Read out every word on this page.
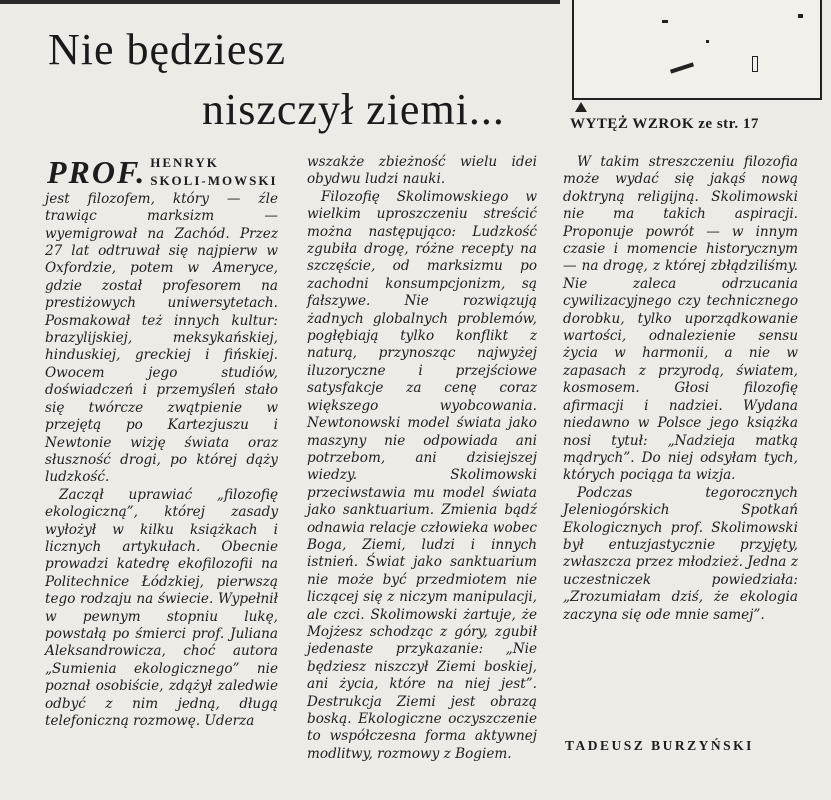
Nie będziesz
niszczył ziemi...	WYTĘŻ WZROK ze str. 17

PROF. HENRYK SKOLI-MOWSKI jest filozofem, który — źle trawiąc marksizm — wyemigrował na Zachód. Przez 27 lat odtruwał się najpierw w Oxfordzie, potem w Ameryce, gdzie został profesorem na prestiżowych uniwersytetach. Posmakował też innych kultur: brazylijskiej, meksykańskiej, hinduskiej, greckiej i fińskiej. Owocem jego studiów, doświadczeń i przemyśleń stało się twórcze zwątpienie w przejętą po Kartezjuszu i Newtonie wizję świata oraz słuszność drogi, po której dąży ludzkość.

Zaczął uprawiać „filozofię ekologiczną”, której zasady wyłożył w kilku książkach i licznych artykułach. Obecnie prowadzi katedrę ekofilozofii na Politechnice Łódzkiej, pierwszą tego rodzaju na świecie. Wypełnił w pewnym stopniu lukę, powstałą po śmierci prof. Juliana Aleksandrowicza, choć autora „Sumienia ekologicznego” nie poznał osobiście, zdążył zaledwie odbyć z nim jedną, długą telefoniczną rozmowę. Uderza

wszakże zbieżność wielu idei obydwu ludzi nauki.

Filozofię Skolimowskiego w wielkim uproszczeniu streścić można następująco: Ludzkość zgubiła drogę, różne recepty na szczęście, od marksizmu po zachodni konsumpcjonizm, są fałszywe. Nie rozwiązują żadnych globalnych problemów, pogłębiają tylko konflikt z naturą, przynosząc najwyżej iluzoryczne i przejściowe satysfakcje za cenę coraz większego wyobcowania. Newtonowski model świata jako maszyny nie odpowiada ani potrzebom, ani dzisiejszej wiedzy. Skolimowski przeciwstawia mu model świata jako sanktuarium. Zmienia bądź odnawia relacje człowieka wobec Boga, Ziemi, ludzi i innych istnień. Świat jako sanktuarium nie może być przedmiotem nie liczącej się z niczym manipulacji, ale czci. Skolimowski żartuje, że Mojżesz schodząc z góry, zgubił jedenaste przykazanie: „Nie będziesz niszczył Ziemi boskiej, ani życia, które na niej jest”. Destrukcja Ziemi jest obrazą boską. Ekologiczne oczyszczenie to współczesna forma aktywnej modlitwy, rozmowy z Bogiem.

W takim streszczeniu filozofia może wydać się jakąś nową doktryną religijną. Skolimowski nie ma takich aspiracji. Proponuje powrót — w innym czasie i momencie historycznym — na drogę, z której zbłądziliśmy. Nie zaleca odrzucania cywilizacyjnego czy technicznego dorobku, tylko uporządkowanie wartości, odnalezienie sensu życia w harmonii, a nie w zapasach z przyrodą, światem, kosmosem. Głosi filozofię afirmacji i nadziei. Wydana niedawno w Polsce jego książka nosi tytuł: „Nadzieja matką mądrych”. Do niej odsyłam tych, których pociąga ta wizja.

Podczas tegorocznych Jeleniogórskich Spotkań Ekologicznych prof. Skolimowski był entuzjastycznie przyjęty, zwłaszcza przez młodzież. Jedna z uczestniczek powiedziała: „Zrozumiałam dziś, że ekologia zaczyna się ode mnie samej”.

TADEUSZ BURZYŃSKI
